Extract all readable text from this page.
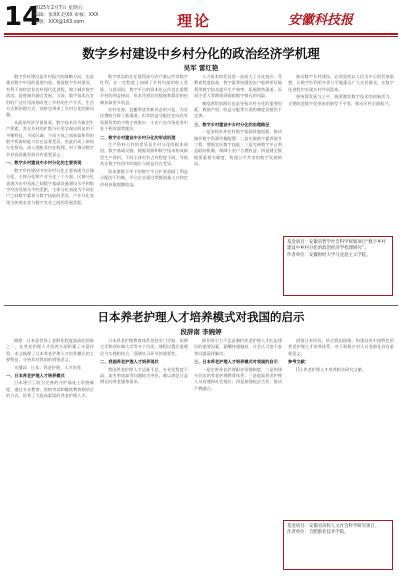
14
2025年2月7日 星期五
编辑：张XX 赵XX 审核：XXX
组版：XXX@163.com	理论	安徽科技报
数字乡村建设中乡村分化的政治经济学机理
吴军 雷红艳

数字乡村建设是乡村振兴的战略方向，也是建设数字中国的重要内容。推进数字乡村建设，有利于加快农业农村现代化进程，缩小城乡数字鸿沟，促进城乡融合发展。当前，数字技术在农村的广泛应用深刻改变了乡村的生产方式、生活方式和治理方式，同时也带来了乡村分化的新问题。

从政治经济学视角看，数字技术作为新型生产要素，其在乡村的扩散与应用呈现出明显的不平衡特征，不同区域、不同主体之间获取和利用数字资源的能力存在显著差异，由此形成了新的分化格局。深入剖析其内在机理，对于推动数字乡村高质量发展具有重要意义。

一、数字乡村建设中乡村分化的主要表现

数字乡村建设中的乡村分化主要表现为区域分化、主体分化和产业分化三个方面。区域分化表现为东中西部之间数字基础设施建设水平和数字经济发展水平的差距，主体分化表现为不同农户之间数字素养与数字技能的差异，产业分化表现为传统农业与数字农业之间的发展差距。

数字鸿沟的存在使得部分农户难以共享数字红利，在一定程度上加剧了乡村内部的收入差距。与此同时，数字平台的资本化运作也在重塑乡村的利益格局，资本凭借其对数据和算法的控制获取更多收益。

农村电商、直播带货等新业态的兴起，为农民增收开辟了新渠道，但其收益分配往往向具有资源优势的少数主体集中，小农户在市场竞争中处于相对弱势地位。

二、数字乡村建设中乡村分化的形成机理

生产资料占有的差异是乡村分化的根本原因。数字基础设施、数据资源和数字技术构成新型生产资料，不同主体对其占有程度不同，导致其在数字经济中的地位与收益存在差异。

资本逻辑主导下的数字平台扩张加剧了利益分配的不均衡，平台企业通过掌握流量入口和定价权获取超额收益。

人力资本的差异进一步放大了分化效应。受教育程度较高、数字素养较强的农户能够更好地利用数字技术提升生产效率、拓展销售渠道，而留守老人等群体则面临数字排斥的风险。

制度供给的滞后也是导致乡村分化的重要因素，数据产权、收益分配等方面的制度安排仍不完善。

三、数字乡村建设中乡村分化的治理路径

一是加快补齐农村数字基础设施短板，推动城乡数字资源均衡配置；二是实施数字素养提升工程，增强农民数字技能；三是完善数字平台利益联结机制，保障小农户合理收益；四是健全数据要素相关制度，构建公平共享的数字发展格局。

推动数字乡村建设，必须坚持以人民为中心的发展思想，让数字红利更多更公平地惠及广大农民群众，在数字化进程中实现乡村共同富裕。

要统筹发展与公平，既要激发数字技术的创新活力，又要防范数字化带来的新型不平等，推动乡村全面振兴。

基金项目：安徽省哲学社会科学规划项目“数字乡村建设中乡村分化的政治经济学机理研究”。

作者单位：安徽财经大学马克思主义学院。

日本养老护理人才培养模式对我国的启示
段辞南 李婉婷

摘要：日本是世界上老龄化程度最高的国家之一，在养老护理人才培养方面积累了丰富经验。本文梳理了日本养老护理人才培养模式的主要特征，分析其对我国的借鉴意义。

关键词：日本；养老护理；人才培养

一、日本养老护理人才培养模式

日本建立了较为完善的介护福祉士资格制度，通过专业教育、资格考试和继续教育相结合的方式，培养了大批高素质的养老护理人才。

日本养老护理教育体系包括专门学校、短期大学和四年制大学等多个层次，课程设置注重理论与实践相结合，强调实习环节的重要性。

二、我国养老护理人才培养现状

我国养老护理人才总量不足、专业化程度不高、流失率较高等问题较为突出，难以满足日益增长的养老服务需求。

职业吸引力不足是制约养老护理人才队伍建设的重要因素，薪酬待遇偏低、社会认可度不高等问题亟待解决。

三、日本养老护理人才培养模式对我国的启示

一是完善养老护理职业资格制度；二是构建多层次的养老护理教育体系；三是提高养老护理人员待遇和社会地位；四是加强校企合作，推动产教融合。

借鉴日本经验，结合我国国情，构建具有中国特色的养老护理人才培养体系，对于积极应对人口老龄化具有重要意义。

参考文献：

[1] 养老护理人才培养相关研究文献。

基金项目：安徽省高校人文社会科学研究项目。

作者单位：合肥职业技术学院。
